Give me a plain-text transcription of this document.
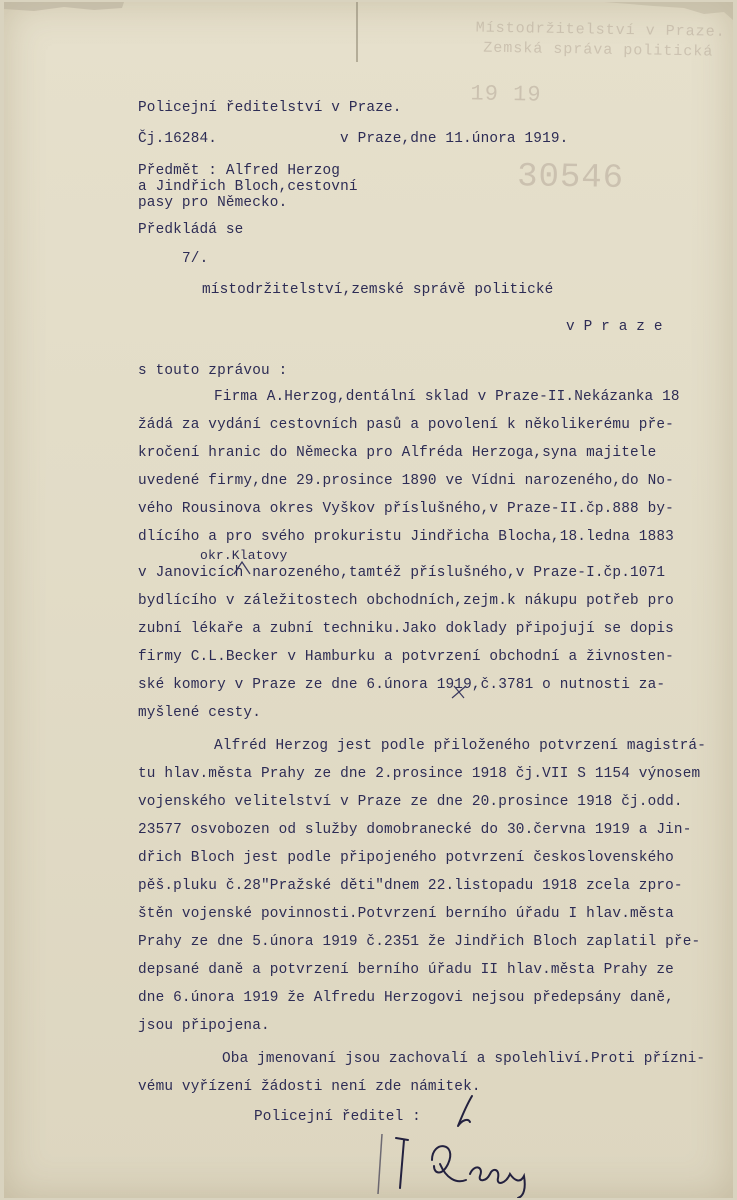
Místodržitelství v Praze.
Zemská správa politická
19 19
30546
Policejní ředitelství v Praze.
Čj.16284.	v Praze,dne 11.února 1919.
Předmět : Alfred Herzog
a Jindřich Bloch,cestovní
pasy pro Německo.
Předkládá se
7/.
místodržitelství,zemské správě politické
v P r a z e
s touto zprávou :
Firma A.Herzog,dentální sklad v Praze-II.Nekázanka 18
žádá za vydání cestovních pasů a povolení k několikerému pře-
kročení hranic do Německa pro Alfréda Herzoga,syna majitele
uvedené firmy,dne 29.prosince 1890 ve Vídni narozeného,do No-
vého Rousinova okres Vyškov příslušného,v Praze-II.čp.888 by-
dlícího a pro svého prokuristu Jindřicha Blocha,18.ledna 1883
okr.Klatovy
v Janovicích narozeného,tamtéž příslušného,v Praze-I.čp.1071
bydlícího v záležitostech obchodních,zejm.k nákupu potřeb pro
zubní lékaře a zubní techniku.Jako doklady připojují se dopis
firmy C.L.Becker v Hamburku a potvrzení obchodní a živnosten-
ské komory v Praze ze dne 6.února 1919,č.3781 o nutnosti za-
myšlené cesty.
Alfréd Herzog jest podle přiloženého potvrzení magistrá-
tu hlav.města Prahy ze dne 2.prosince 1918 čj.VII S 1154 výnosem
vojenského velitelství v Praze ze dne 20.prosince 1918 čj.odd.
23577 osvobozen od služby domobranecké do 30.června 1919 a Jin-
dřich Bloch jest podle připojeného potvrzení československého
pěš.pluku č.28"Pražské děti"dnem 22.listopadu 1918 zcela zpro-
štěn vojenské povinnosti.Potvrzení berního úřadu I hlav.města
Prahy ze dne 5.února 1919 č.2351 že Jindřich Bloch zaplatil pře-
depsané daně a potvrzení berního úřadu II hlav.města Prahy ze
dne 6.února 1919 že Alfredu Herzogovi nejsou předepsány daně,
jsou připojena.
Oba jmenovaní jsou zachovalí a spolehliví.Proti přízni-
vému vyřízení žádosti není zde námitek.
Policejní ředitel :
